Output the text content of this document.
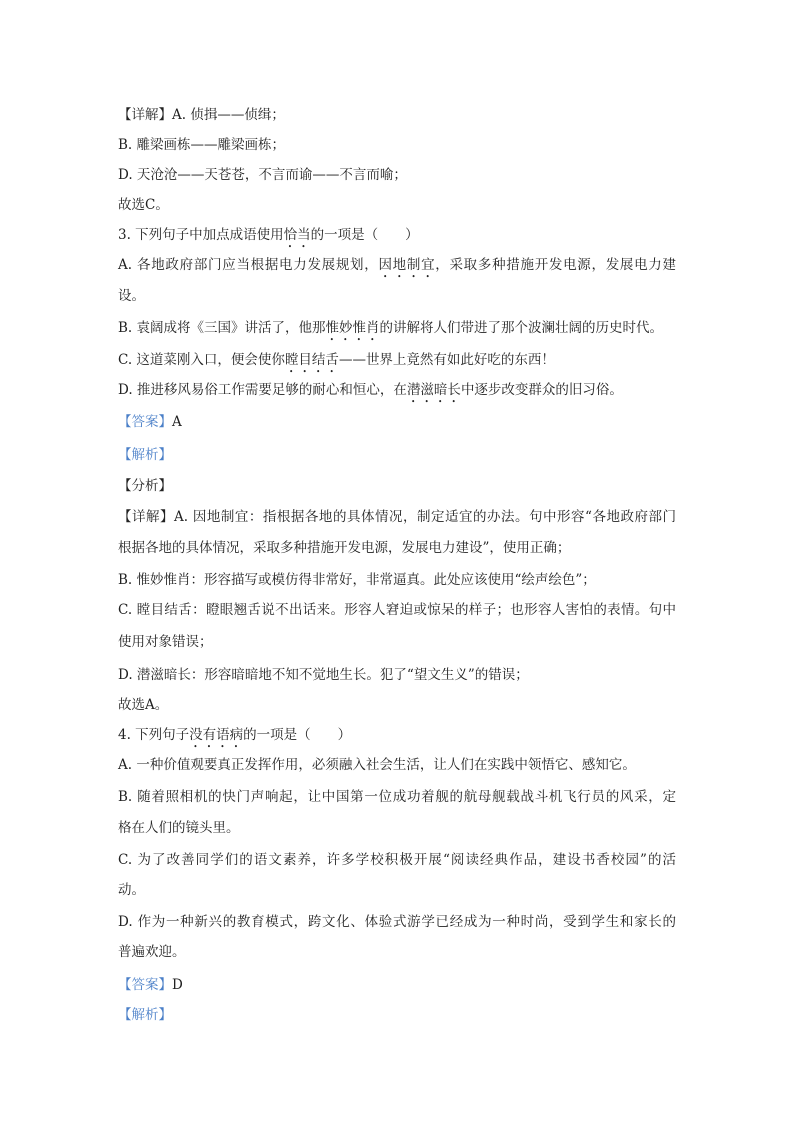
【详解】A. 侦揖——侦缉；
B. 雕梁画栋——雕梁画栋；
D. 天沧沧——天苍苍，不言而谕——不言而喻；
故选C。
3. 下列句子中加点成语使用恰当的一项是（　　）
A. 各地政府部门应当根据电力发展规划，因地制宜，采取多种措施开发电源，发展电力建
设。
B. 袁阔成将《三国》讲活了，他那惟妙惟肖的讲解将人们带进了那个波澜壮阔的历史时代。
C. 这道菜刚入口，便会使你瞠目结舌——世界上竟然有如此好吃的东西！
D. 推进移风易俗工作需要足够的耐心和恒心，在潜滋暗长中逐步改变群众的旧习俗。
【答案】A
【解析】
【分析】
【详解】A. 因地制宜：指根据各地的具体情况，制定适宜的办法。句中形容“各地政府部门
根据各地的具体情况，采取多种措施开发电源，发展电力建设”，使用正确；
B. 惟妙惟肖：形容描写或模仿得非常好，非常逼真。此处应该使用“绘声绘色”；
C. 瞠目结舌：瞪眼翘舌说不出话来。形容人窘迫或惊呆的样子；也形容人害怕的表情。句中
使用对象错误；
D. 潜滋暗长：形容暗暗地不知不觉地生长。犯了“望文生义”的错误；
故选A。
4. 下列句子没有语病的一项是（　　）
A. 一种价值观要真正发挥作用，必须融入社会生活，让人们在实践中领悟它、感知它。
B. 随着照相机的快门声响起，让中国第一位成功着舰的航母舰载战斗机飞行员的风采，定
格在人们的镜头里。
C. 为了改善同学们的语文素养，许多学校积极开展“阅读经典作品，建设书香校园”的活
动。
D. 作为一种新兴的教育模式，跨文化、体验式游学已经成为一种时尚，受到学生和家长的
普遍欢迎。
【答案】D
【解析】
